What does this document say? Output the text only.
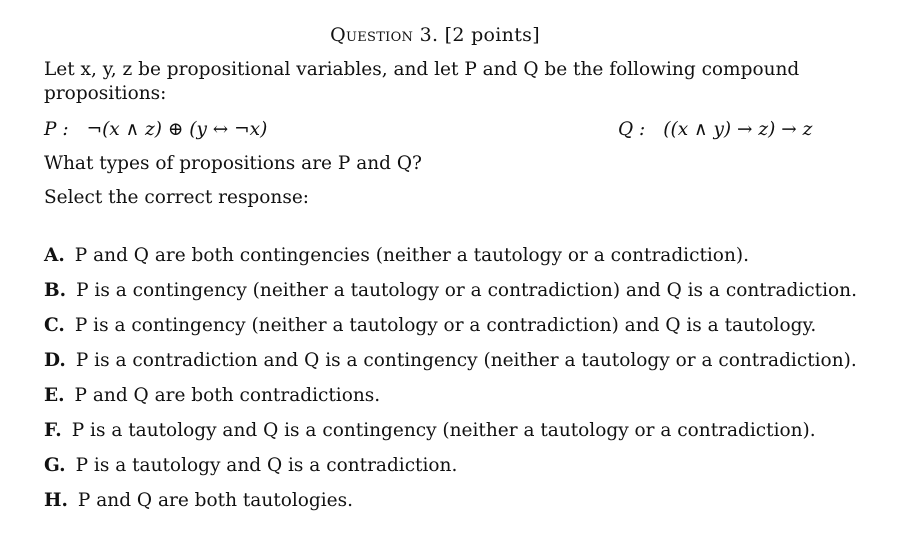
Question 3. [2 points]
Let x, y, z be propositional variables, and let P and Q be the following compound propositions:
P : ¬(x ∧ z) ⊕ (y ↔ ¬x)	Q : ((x ∧ y) → z) → z
What types of propositions are P and Q?
Select the correct response:
A. P and Q are both contingencies (neither a tautology or a contradiction).
B. P is a contingency (neither a tautology or a contradiction) and Q is a contradiction.
C. P is a contingency (neither a tautology or a contradiction) and Q is a tautology.
D. P is a contradiction and Q is a contingency (neither a tautology or a contradiction).
E. P and Q are both contradictions.
F. P is a tautology and Q is a contingency (neither a tautology or a contradiction).
G. P is a tautology and Q is a contradiction.
H. P and Q are both tautologies.
